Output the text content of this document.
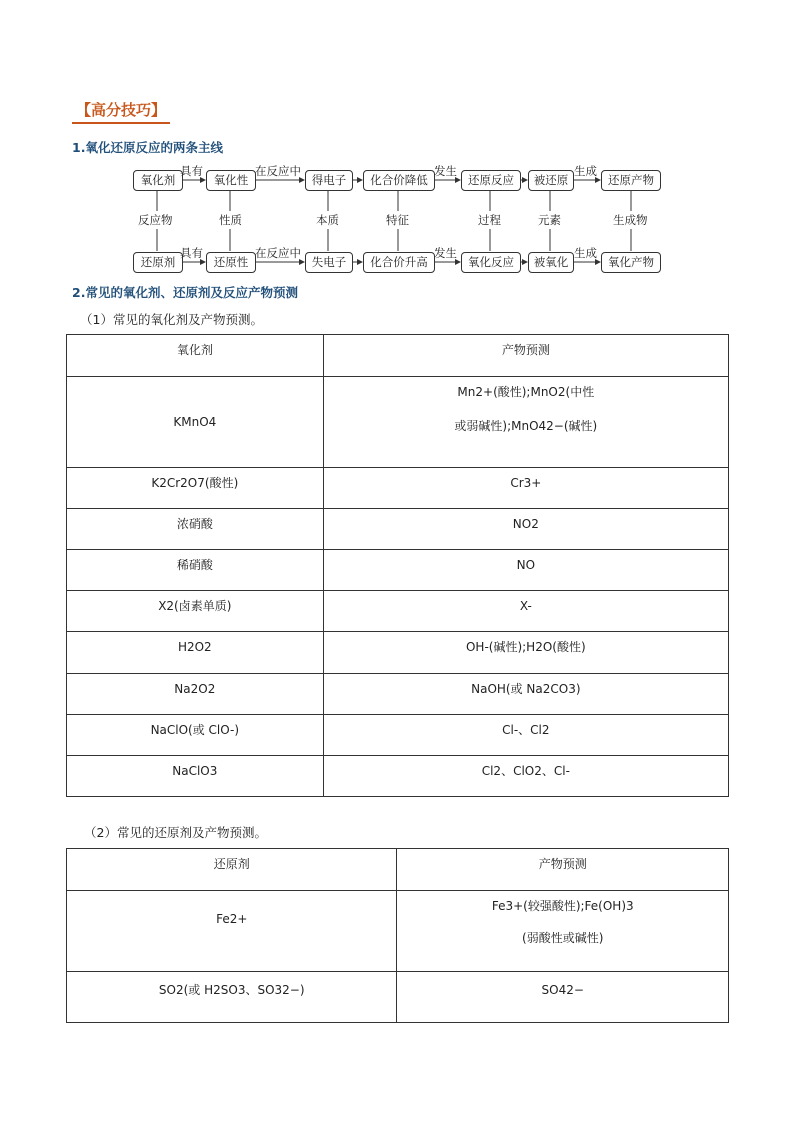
【高分技巧】
1.氧化还原反应的两条主线
氧化剂	氧化性	得电子	化合价降低	还原反应	被还原	还原产物
具有	在反应中	发生	生成
反应物	性质	本质	特征	过程	元素	生成物
还原剂	还原性	失电子	化合价升高	氧化反应	被氧化	氧化产物
具有	在反应中	发生	生成
2.常见的氧化剂、还原剂及反应产物预测
（1）常见的氧化剂及产物预测。
氧化剂	产物预测
KMnO4	Mn2+(酸性);MnO2(中性
或弱碱性);MnO42−(碱性)

K2Cr2O7(酸性)	Cr3+
浓硝酸	NO2
稀硝酸	NO
X2(卤素单质)	X-
H2O2	OH-(碱性);H2O(酸性)
Na2O2	NaOH(或 Na2CO3)
NaClO(或 ClO-)	Cl-、Cl2
NaClO3	Cl2、ClO2、Cl-
（2）常见的还原剂及产物预测。
还原剂	产物预测
Fe2+	Fe3+(较强酸性);Fe(OH)3
(弱酸性或碱性)

SO2(或 H2SO3、SO32−)	SO42−
